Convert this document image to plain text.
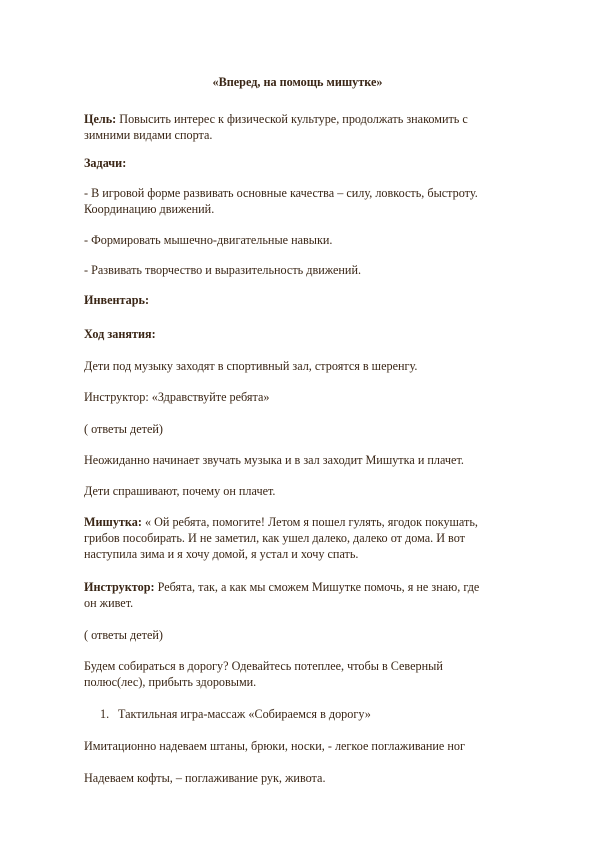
«Вперед, на помощь мишутке»

Цель: Повысить интерес к физической культуре, продолжать знакомить с

зимними видами спорта.

Задачи:

- В игровой форме развивать основные качества – силу, ловкость, быстроту.

Координацию движений.

- Формировать мышечно-двигательные навыки.

- Развивать творчество и выразительность движений.

Инвентарь:

Ход занятия:

Дети под музыку заходят в спортивный зал, строятся в шеренгу.

Инструктор: «Здравствуйте ребята»

( ответы детей)

Неожиданно начинает звучать музыка и в зал заходит Мишутка и плачет.

Дети спрашивают, почему он плачет.

Мишутка: « Ой ребята, помогите! Летом я пошел гулять, ягодок покушать,

грибов пособирать. И не заметил, как ушел далеко, далеко от дома. И вот

наступила зима и я хочу домой, я устал и хочу спать.

Инструктор: Ребята, так, а как мы сможем Мишутке помочь, я не знаю, где

он живет.

( ответы детей)

Будем собираться в дорогу? Одевайтесь потеплее, чтобы в Северный

полюс(лес), прибыть здоровыми.

1. Тактильная игра-массаж «Собираемся в дорогу»

Имитационно надеваем штаны, брюки, носки, - легкое поглаживание ног

Надеваем кофты, – поглаживание рук, живота.
